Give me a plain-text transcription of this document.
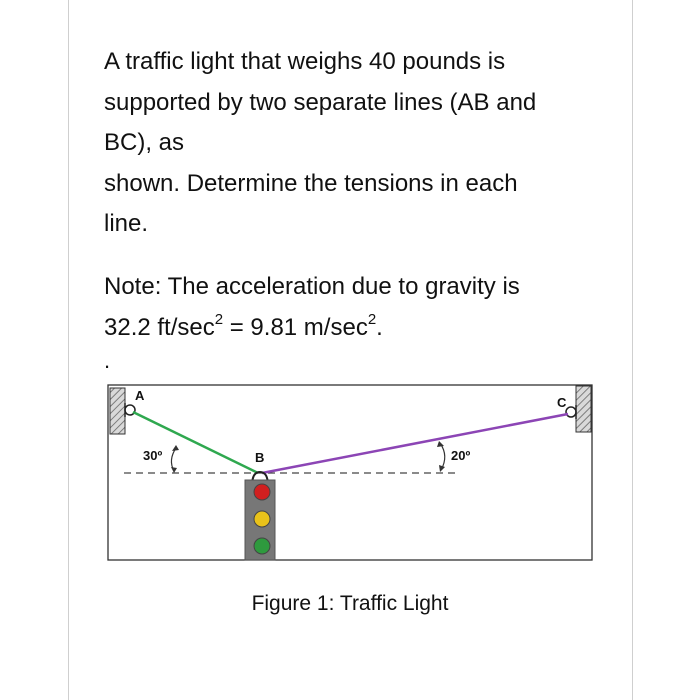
A traffic light that weighs 40 pounds is
supported by two separate lines (AB and
BC), as
shown. Determine the tensions in each
line.
Note: The acceleration due to gravity is
32.2 $ft/\sec^2 = 9.81$ $m/\sec^2$.
.
A
B
C
30º	20º
Figure 1: Traffic Light
